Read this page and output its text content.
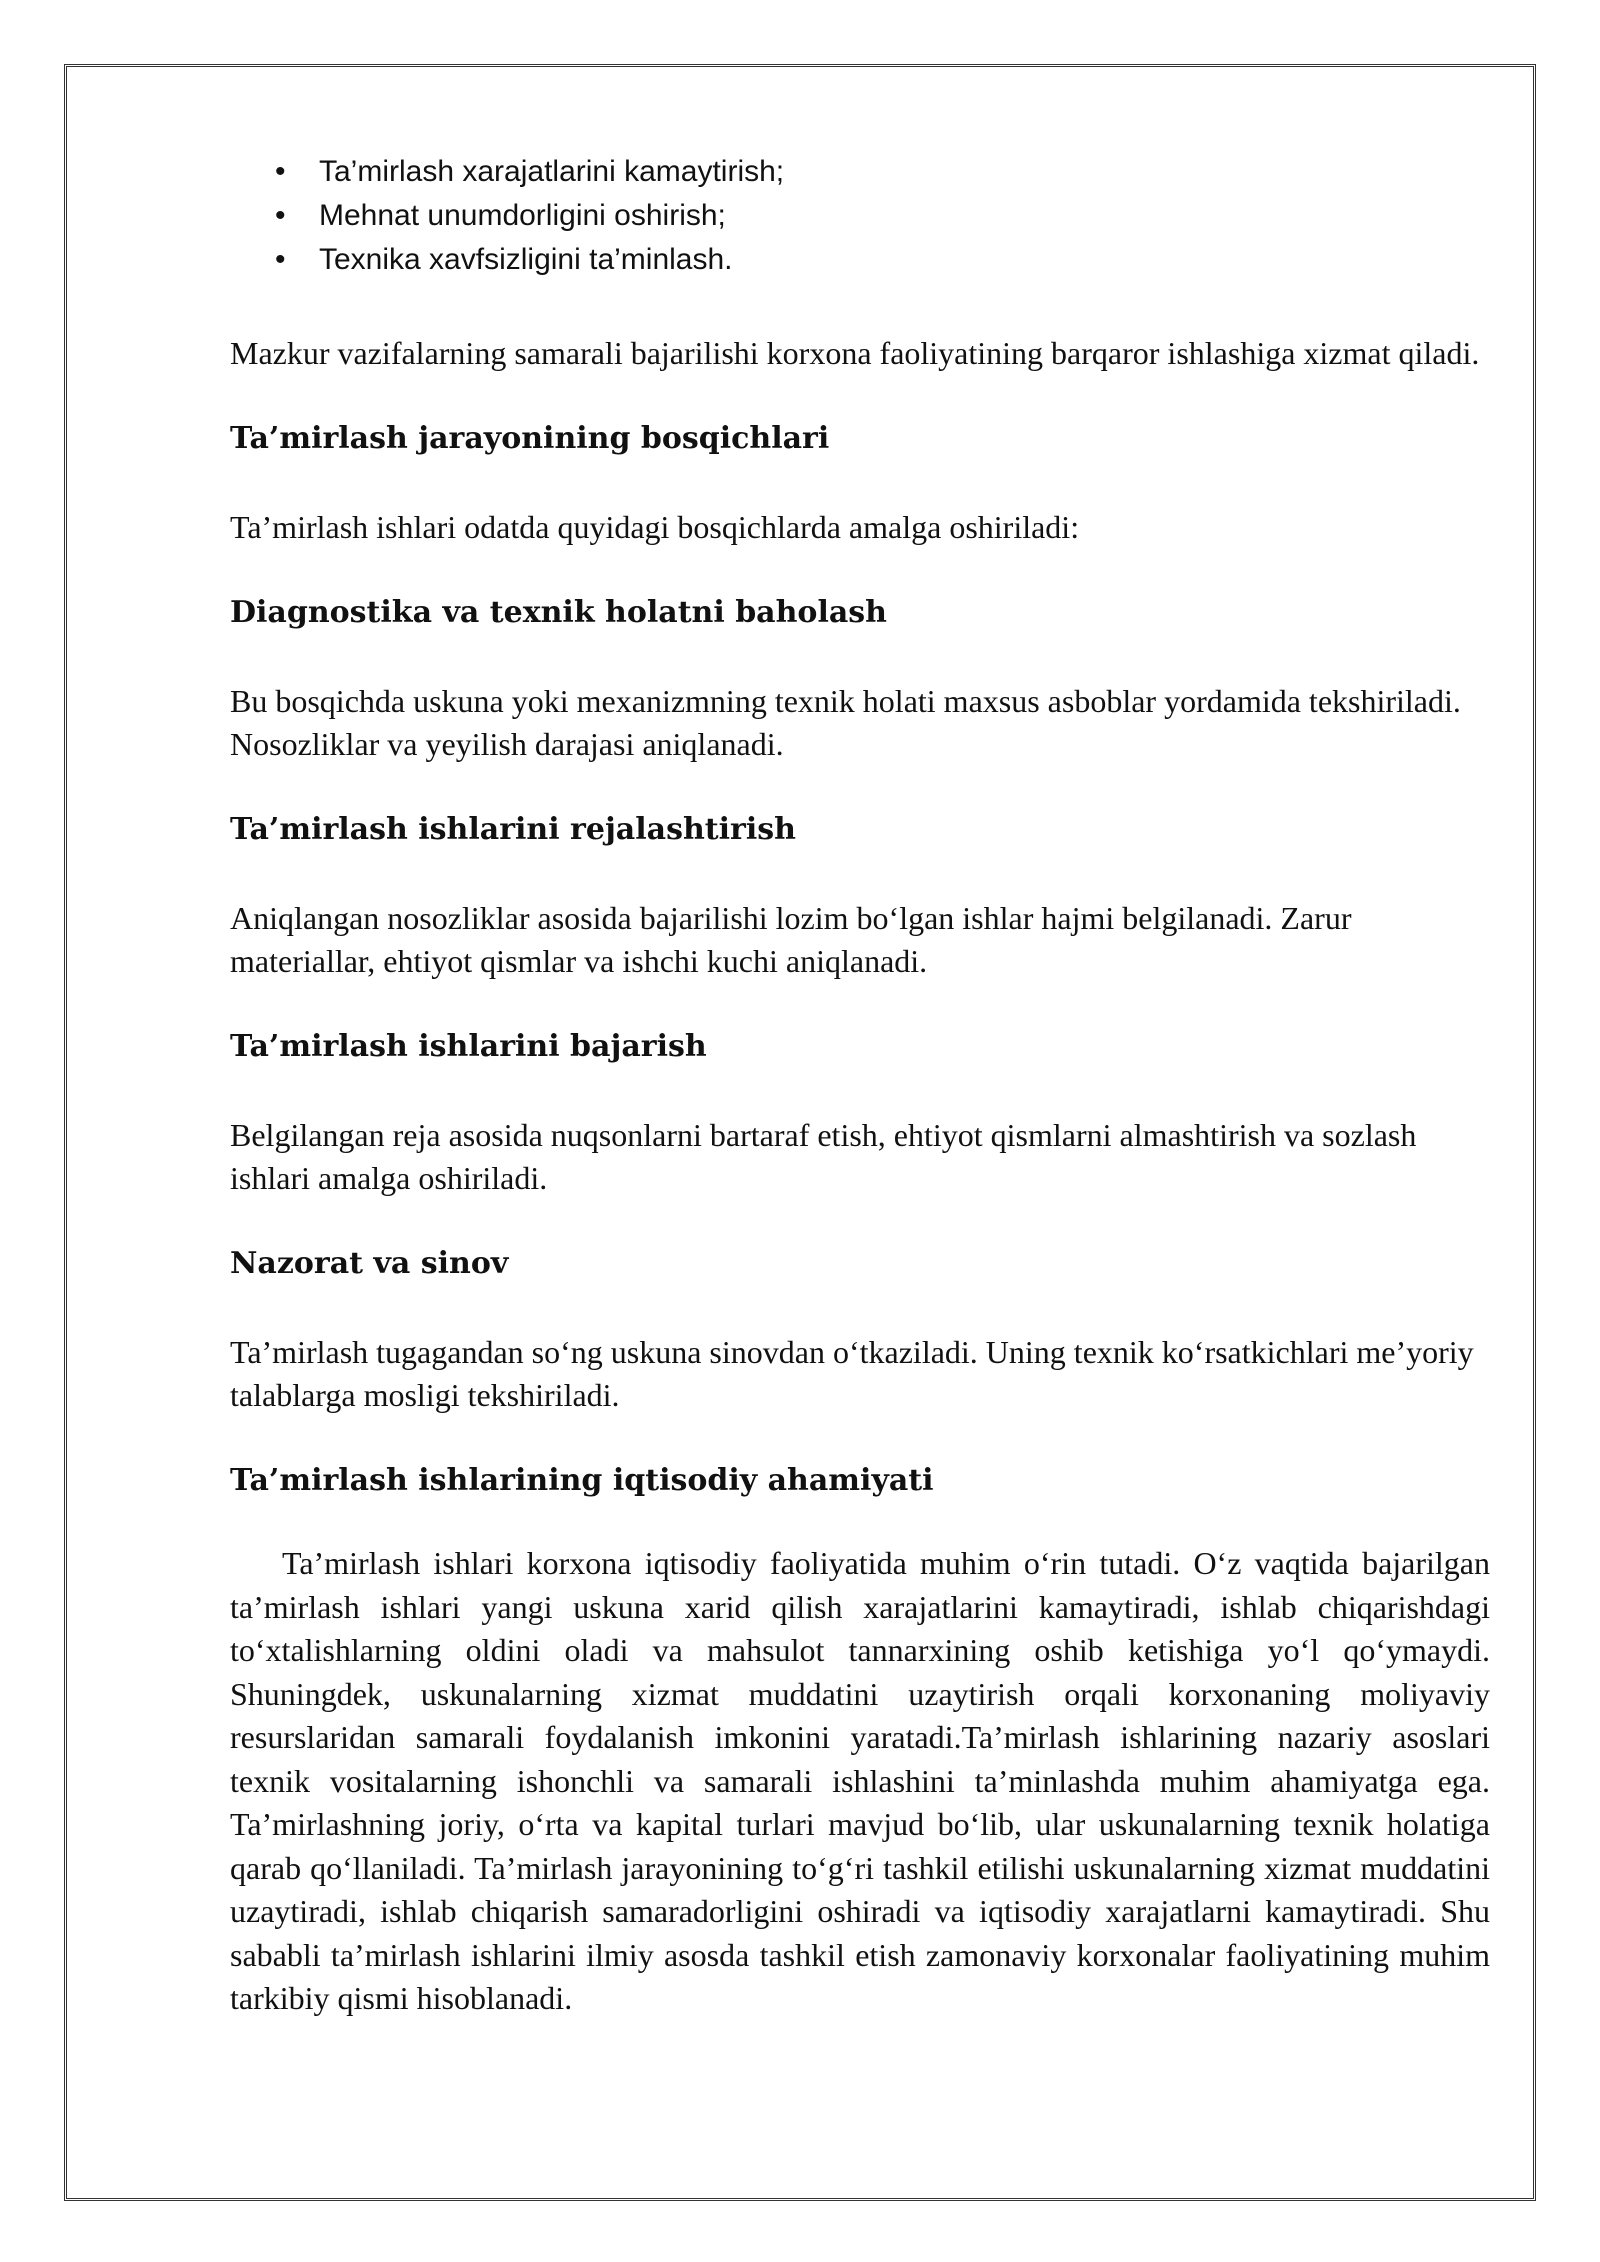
• Ta’mirlash xarajatlarini kamaytirish;
• Mehnat unumdorligini oshirish;
• Texnika xavfsizligini ta’minlash.

Mazkur vazifalarning samarali bajarilishi korxona faoliyatining barqaror ishlashiga xizmat qiladi.

Ta’mirlash jarayonining bosqichlari

Ta’mirlash ishlari odatda quyidagi bosqichlarda amalga oshiriladi:

Diagnostika va texnik holatni baholash

Bu bosqichda uskuna yoki mexanizmning texnik holati maxsus asboblar yordamida tekshiriladi. Nosozliklar va yeyilish darajasi aniqlanadi.

Ta’mirlash ishlarini rejalashtirish

Aniqlangan nosozliklar asosida bajarilishi lozim bo‘lgan ishlar hajmi belgilanadi. Zarur materiallar, ehtiyot qismlar va ishchi kuchi aniqlanadi.

Ta’mirlash ishlarini bajarish

Belgilangan reja asosida nuqsonlarni bartaraf etish, ehtiyot qismlarni almashtirish va sozlash ishlari amalga oshiriladi.

Nazorat va sinov

Ta’mirlash tugagandan so‘ng uskuna sinovdan o‘tkaziladi. Uning texnik ko‘rsatkichlari me’yoriy talablarga mosligi tekshiriladi.

Ta’mirlash ishlarining iqtisodiy ahamiyati

Ta’mirlash ishlari korxona iqtisodiy faoliyatida muhim o‘rin tutadi. O‘z vaqtida bajarilgan ta’mirlash ishlari yangi uskuna xarid qilish xarajatlarini kamaytiradi, ishlab chiqarishdagi to‘xtalishlarning oldini oladi va mahsulot tannarxining oshib ketishiga yo‘l qo‘ymaydi. Shuningdek, uskunalarning xizmat muddatini uzaytirish orqali korxonaning moliyaviy resurslaridan samarali foydalanish imkonini yaratadi.Ta’mirlash ishlarining nazariy asoslari texnik vositalarning ishonchli va samarali ishlashini ta’minlashda muhim ahamiyatga ega. Ta’mirlashning joriy, o‘rta va kapital turlari mavjud bo‘lib, ular uskunalarning texnik holatiga qarab qo‘llaniladi. Ta’mirlash jarayonining to‘g‘ri tashkil etilishi uskunalarning xizmat muddatini uzaytiradi, ishlab chiqarish samaradorligini oshiradi va iqtisodiy xarajatlarni kamaytiradi. Shu sababli ta’mirlash ishlarini ilmiy asosda tashkil etish zamonaviy korxonalar faoliyatining muhim tarkibiy qismi hisoblanadi.
